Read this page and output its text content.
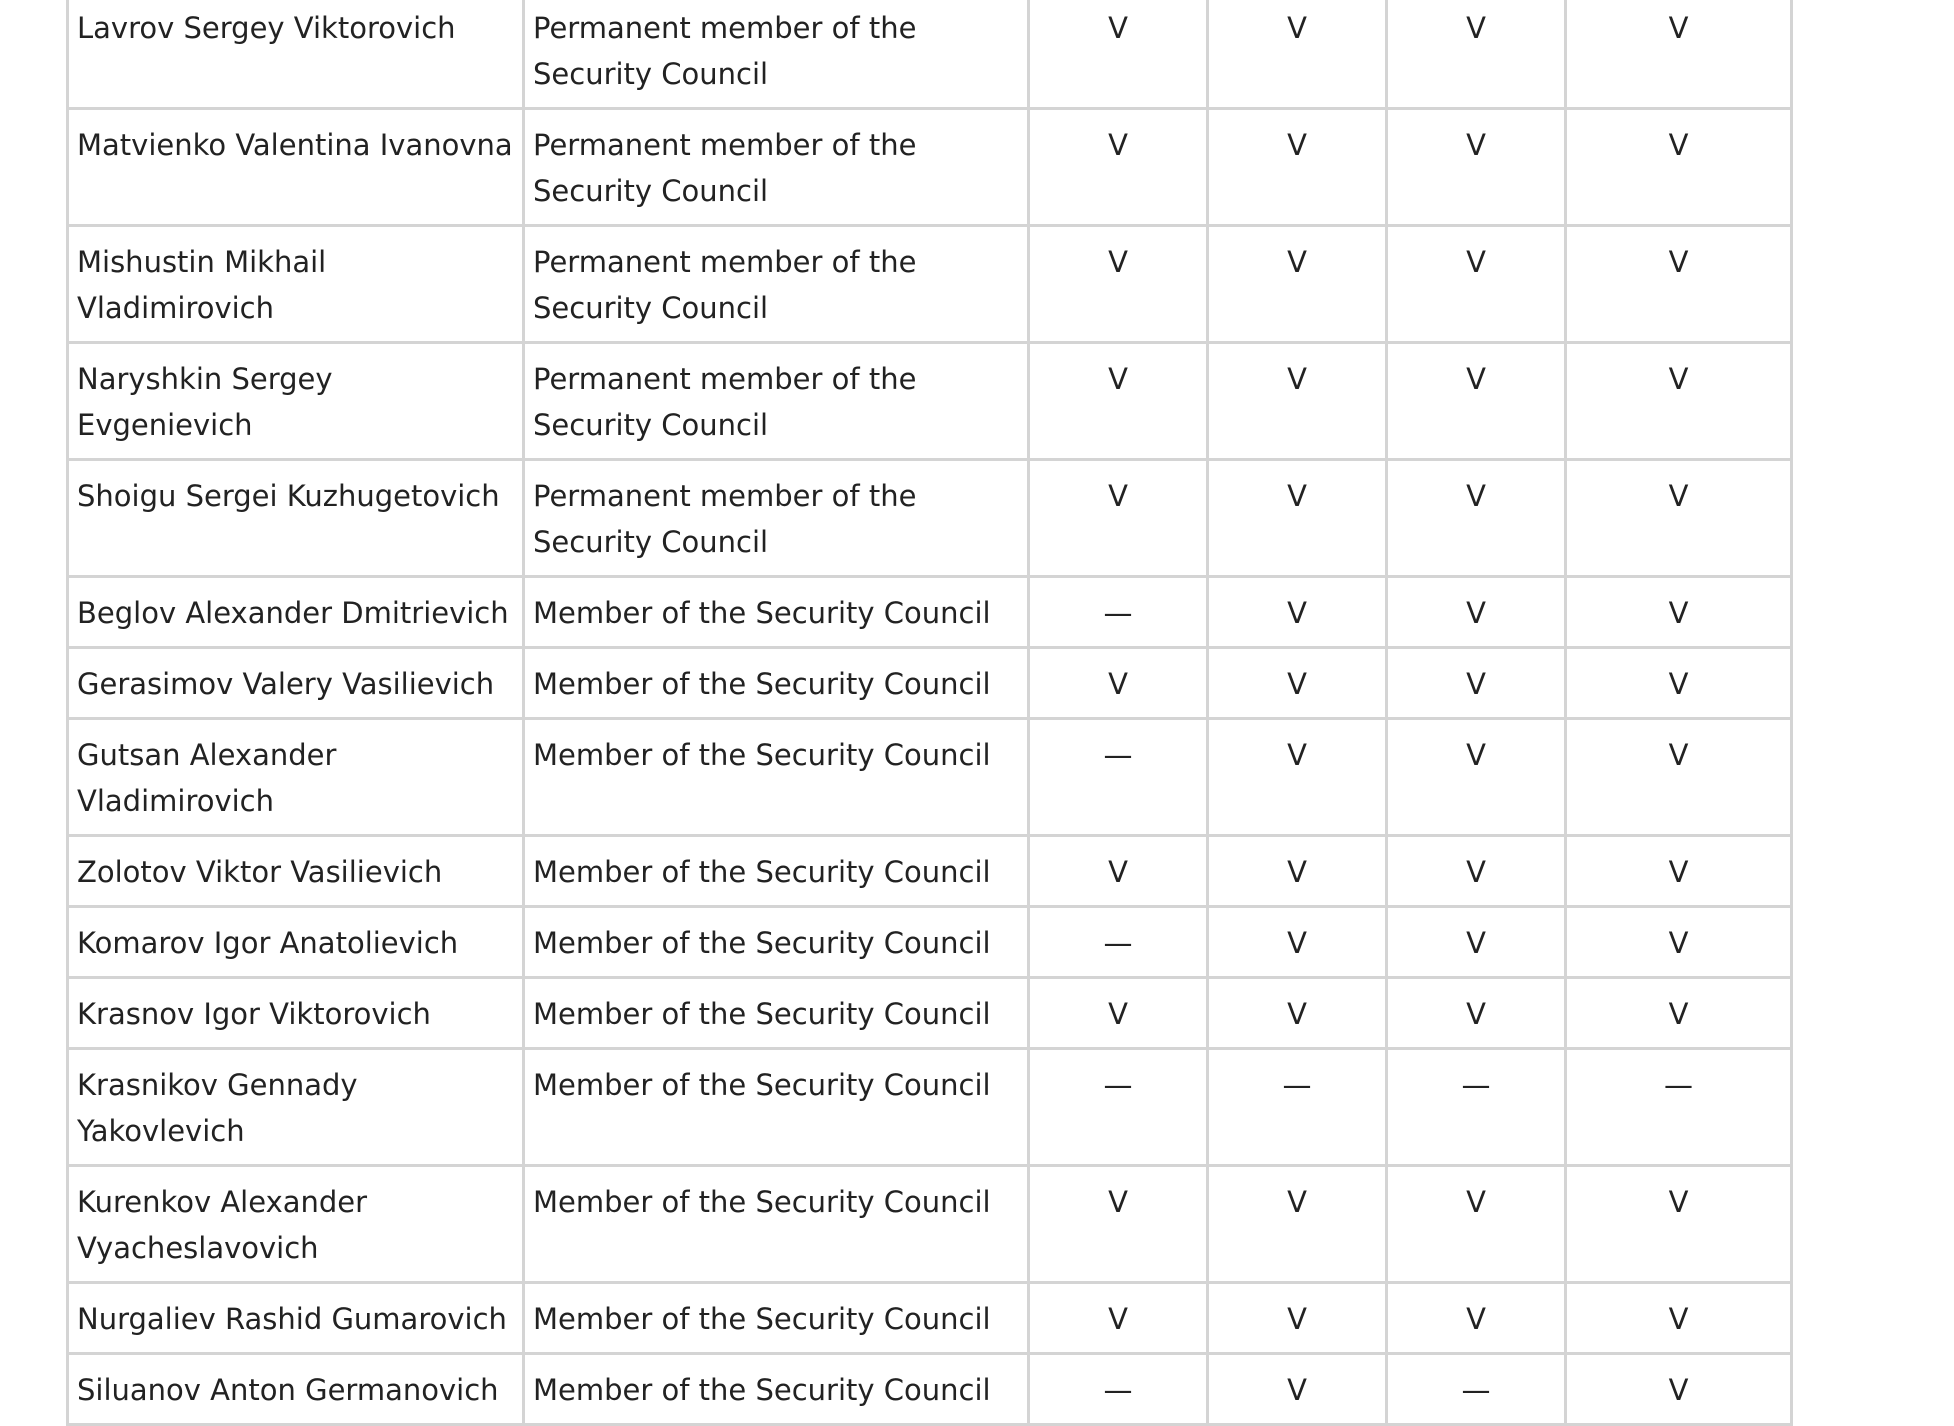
Lavrov Sergey Viktorovich	Permanent member of the Security Council	V	V	V	V
Matvienko Valentina Ivanovna	Permanent member of the Security Council	V	V	V	V
Mishustin Mikhail Vladimirovich	Permanent member of the Security Council	V	V	V	V
Naryshkin Sergey Evgenievich	Permanent member of the Security Council	V	V	V	V
Shoigu Sergei Kuzhugetovich	Permanent member of the Security Council	V	V	V	V
Beglov Alexander Dmitrievich	Member of the Security Council	—	V	V	V
Gerasimov Valery Vasilievich	Member of the Security Council	V	V	V	V
Gutsan Alexander Vladimirovich	Member of the Security Council	—	V	V	V
Zolotov Viktor Vasilievich	Member of the Security Council	V	V	V	V
Komarov Igor Anatolievich	Member of the Security Council	—	V	V	V
Krasnov Igor Viktorovich	Member of the Security Council	V	V	V	V
Krasnikov Gennady Yakovlevich	Member of the Security Council	—	—	—	—
Kurenkov Alexander Vyacheslavovich	Member of the Security Council	V	V	V	V
Nurgaliev Rashid Gumarovich	Member of the Security Council	V	V	V	V
Siluanov Anton Germanovich	Member of the Security Council	—	V	—	V
